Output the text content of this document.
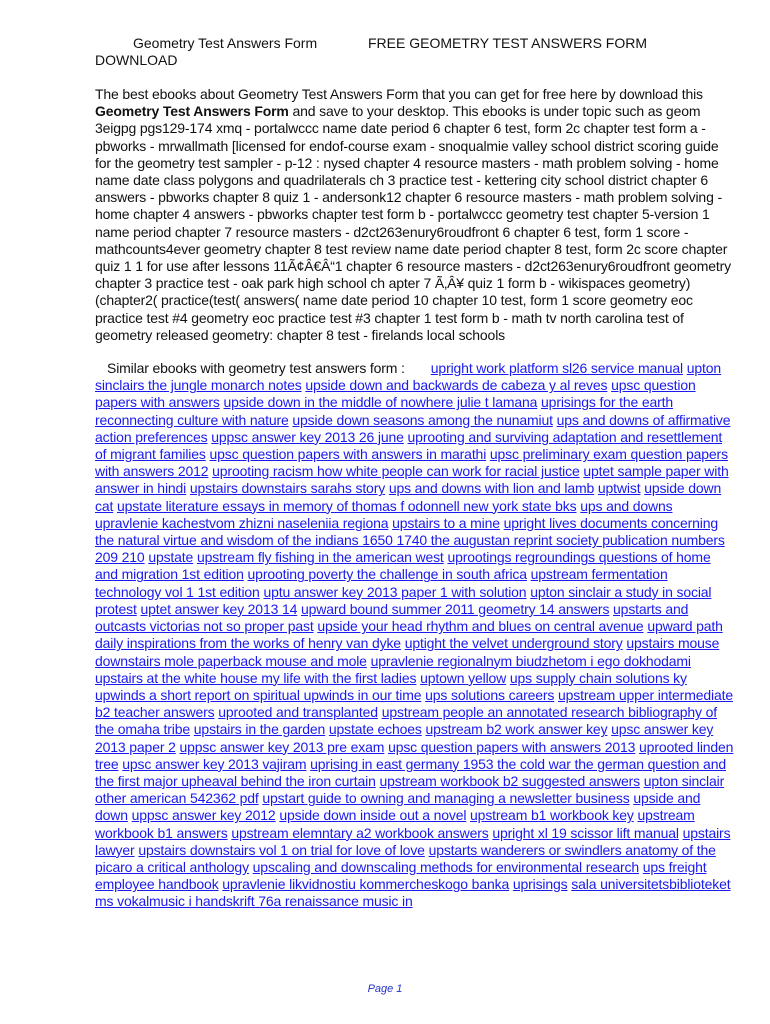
Geometry Test Answers Form	FREE GEOMETRY TEST ANSWERS FORM
DOWNLOAD
The best ebooks about Geometry Test Answers Form that you can get for free here by download this Geometry Test Answers Form and save to your desktop. This ebooks is under topic such as geom 3eigpg pgs129-174 xmq - portalwccc name date period 6 chapter 6 test, form 2c chapter test form a - pbworks - mrwallmath [licensed for endof-course exam - snoqualmie valley school district scoring guide for the geometry test sampler - p-12 : nysed chapter 4 resource masters - math problem solving - home name date class polygons and quadrilaterals ch 3 practice test - kettering city school district chapter 6 answers - pbworks chapter 8 quiz 1 - andersonk12 chapter 6 resource masters - math problem solving - home chapter 4 answers - pbworks chapter test form b - portalwccc geometry test chapter 5-version 1 name period chapter 7 resource masters - d2ct263enury6roudfront 6 chapter 6 test, form 1 score - mathcounts4ever geometry chapter 8 test review name date period chapter 8 test, form 2c score chapter quiz 1 1 for use after lessons 11Ã¢Â€Â“1 chapter 6 resource masters - d2ct263enury6roudfront geometry chapter 3 practice test - oak park high school ch apter 7 Ã‚Â¥ quiz 1 form b - wikispaces geometry)(chapter2( practice(test( answers( name date period 10 chapter 10 test, form 1 score geometry eoc practice test #4 geometry eoc practice test #3 chapter 1 test form b - math tv north carolina test of geometry released geometry: chapter 8 test - firelands local schools
Similar ebooks with geometry test answers form : upright work platform sl26 service manual upton sinclairs the jungle monarch notes upside down and backwards de cabeza y al reves upsc question papers with answers upside down in the middle of nowhere julie t lamana uprisings for the earth reconnecting culture with nature upside down seasons among the nunamiut ups and downs of affirmative action preferences uppsc answer key 2013 26 june uprooting and surviving adaptation and resettlement of migrant families upsc question papers with answers in marathi upsc preliminary exam question papers with answers 2012 uprooting racism how white people can work for racial justice uptet sample paper with answer in hindi upstairs downstairs sarahs story ups and downs with lion and lamb uptwist upside down cat upstate literature essays in memory of thomas f odonnell new york state bks ups and downs upravlenie kachestvom zhizni naseleniia regiona upstairs to a mine upright lives documents concerning the natural virtue and wisdom of the indians 1650 1740 the augustan reprint society publication numbers 209 210 upstate upstream fly fishing in the american west uprootings regroundings questions of home and migration 1st edition uprooting poverty the challenge in south africa upstream fermentation technology vol 1 1st edition uptu answer key 2013 paper 1 with solution upton sinclair a study in social protest uptet answer key 2013 14 upward bound summer 2011 geometry 14 answers upstarts and outcasts victorias not so proper past upside your head rhythm and blues on central avenue upward path daily inspirations from the works of henry van dyke uptight the velvet underground story upstairs mouse downstairs mole paperback mouse and mole upravlenie regionalnym biudzhetom i ego dokhodami upstairs at the white house my life with the first ladies uptown yellow ups supply chain solutions ky upwinds a short report on spiritual upwinds in our time ups solutions careers upstream upper intermediate b2 teacher answers uprooted and transplanted upstream people an annotated research bibliography of the omaha tribe upstairs in the garden upstate echoes upstream b2 work answer key upsc answer key 2013 paper 2 uppsc answer key 2013 pre exam upsc question papers with answers 2013 uprooted linden tree upsc answer key 2013 vajiram uprising in east germany 1953 the cold war the german question and the first major upheaval behind the iron curtain upstream workbook b2 suggested answers upton sinclair other american 542362 pdf upstart guide to owning and managing a newsletter business upside and down uppsc answer key 2012 upside down inside out a novel upstream b1 workbook key upstream workbook b1 answers upstream elemntary a2 workbook answers upright xl 19 scissor lift manual upstairs lawyer upstairs downstairs vol 1 on trial for love of love upstarts wanderers or swindlers anatomy of the picaro a critical anthology upscaling and downscaling methods for environmental research ups freight employee handbook upravlenie likvidnostiu kommercheskogo banka uprisings sala universitetsbiblioteket ms vokalmusic i handskrift 76a renaissance music in
Page 1
